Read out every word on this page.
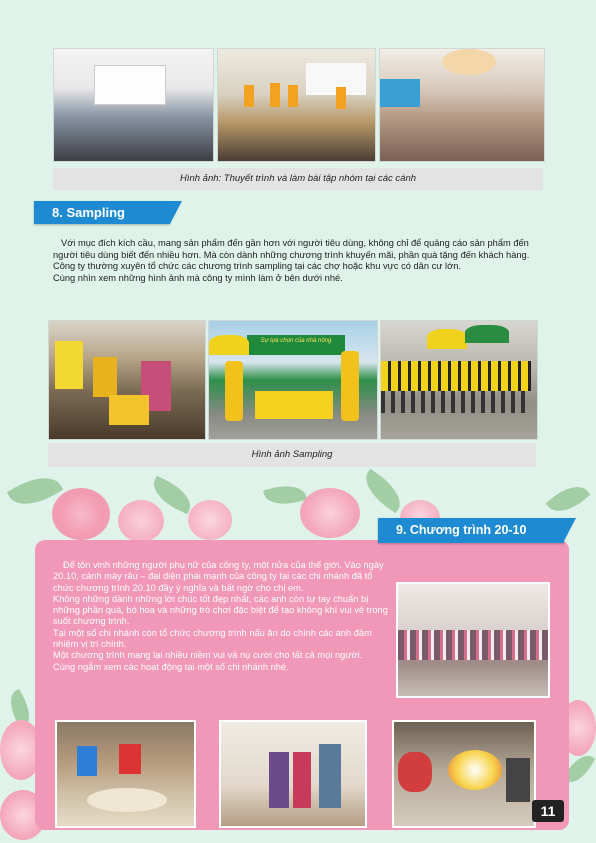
Hình ảnh: Thuyết trình và làm bài tập nhóm tại các cánh
8. Sampling

Với mục đích kích cầu, mang sản phẩm đến gần hơn với người tiêu dùng, không chỉ để quảng cáo sản phẩm đến người tiêu dùng biết đến nhiều hơn. Mà còn dành những chương trình khuyến mãi, phần quà tặng đến khách hàng. Công ty thường xuyên tổ chức các chương trình sampling tại các chợ hoặc khu vực có dân cư lớn.

Cùng nhìn xem những hình ảnh mà công ty mình làm ở bên dưới nhé.

Sự lựa chọn của nhà nông
Hình ảnh Sampling
9. Chương trình 20-10

Để tôn vinh những người phụ nữ của công ty, một nửa của thế giới. Vào ngày 20.10, cánh mày râu – đại diện phái mạnh của công ty tại các chi nhánh đã tổ chức chương trình 20.10 đầy ý nghĩa và bất ngờ cho chị em.

Không những dành những lời chúc tốt đẹp nhất, các anh còn tự tay chuẩn bị những phần quà, bó hoa và những trò chơi đặc biệt để tạo không khí vui vẻ trong suốt chương trình.

Tại một số chi nhánh còn tổ chức chương trình nấu ăn do chính các anh đảm nhiệm vị trí chính.

Một chương trình mang lại nhiều niềm vui và nụ cười cho tất cả mọi người.

Cùng ngắm xem các hoạt động tại một số chi nhánh nhé.

11
